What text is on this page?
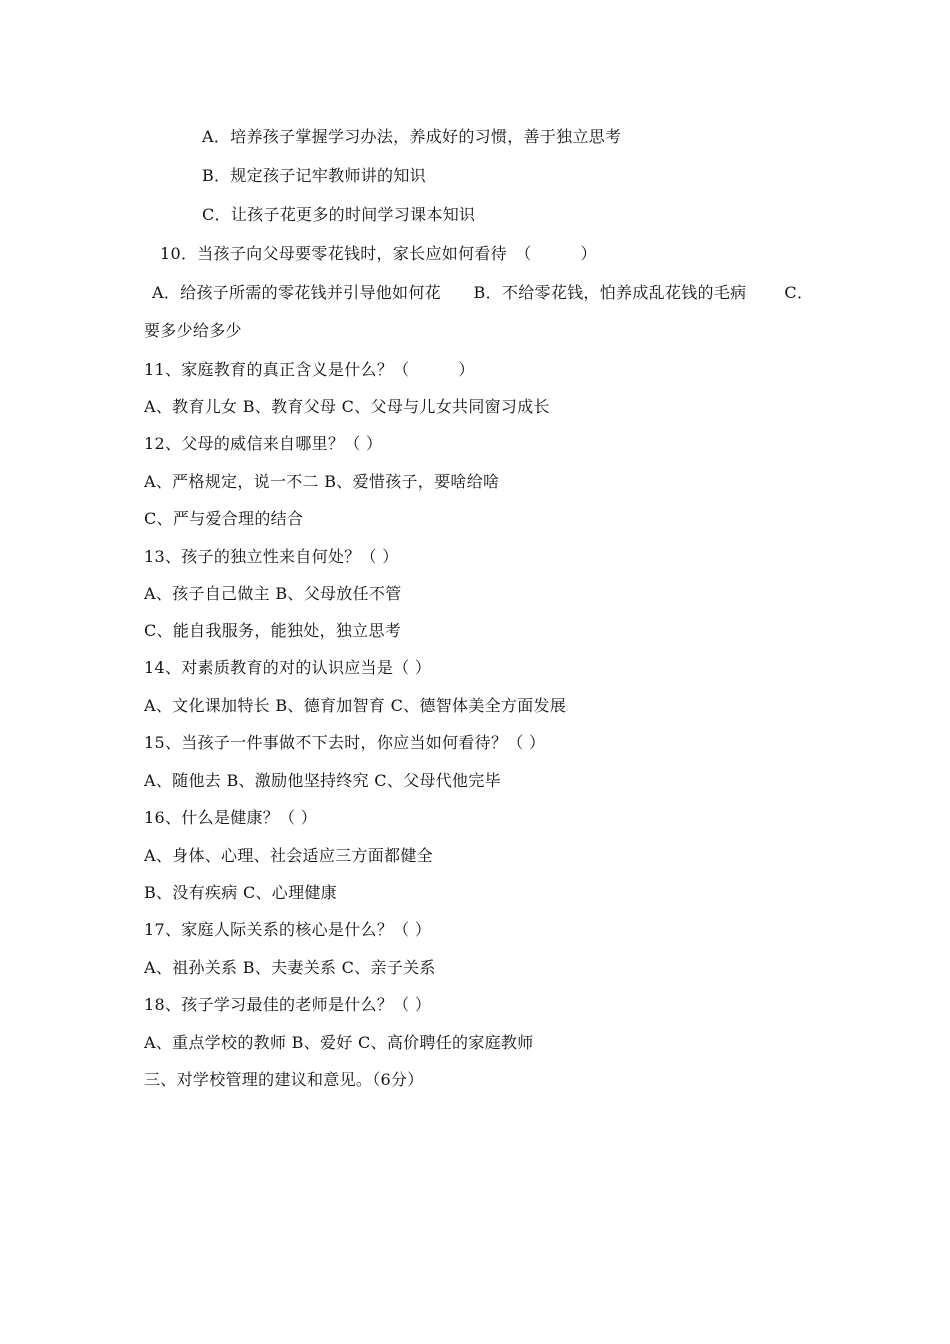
A．培养孩子掌握学习办法，养成好的习惯，善于独立思考
B．规定孩子记牢教师讲的知识
C．让孩子花更多的时间学习课本知识
10．当孩子向父母要零花钱时，家长应如何看待　（　　　）
A．给孩子所需的零花钱并引导他如何花　　B．不给零花钱，怕养成乱花钱的毛病　　 C．
要多少给多少
11、家庭教育的真正含义是什么？（　　　）
A、教育儿女 B、教育父母 C、父母与儿女共同窗习成长
12、父母的威信来自哪里？（ ）
A、严格规定，说一不二 B、爱惜孩子，要啥给啥
C、严与爱合理的结合
13、孩子的独立性来自何处？（ ）
A、孩子自己做主 B、父母放任不管
C、能自我服务，能独处，独立思考
14、对素质教育的对的认识应当是（ ）
A、文化课加特长 B、德育加智育 C、德智体美全方面发展
15、当孩子一件事做不下去时，你应当如何看待？（ ）
A、随他去 B、激励他坚持终究 C、父母代他完毕
16、什么是健康？（ ）
A、身体、心理、社会适应三方面都健全
B、没有疾病 C、心理健康
17、家庭人际关系的核心是什么？（ ）
A、祖孙关系 B、夫妻关系 C、亲子关系
18、孩子学习最佳的老师是什么？（ ）
A、重点学校的教师 B、爱好 C、高价聘任的家庭教师
三、对学校管理的建议和意见。（6分）
